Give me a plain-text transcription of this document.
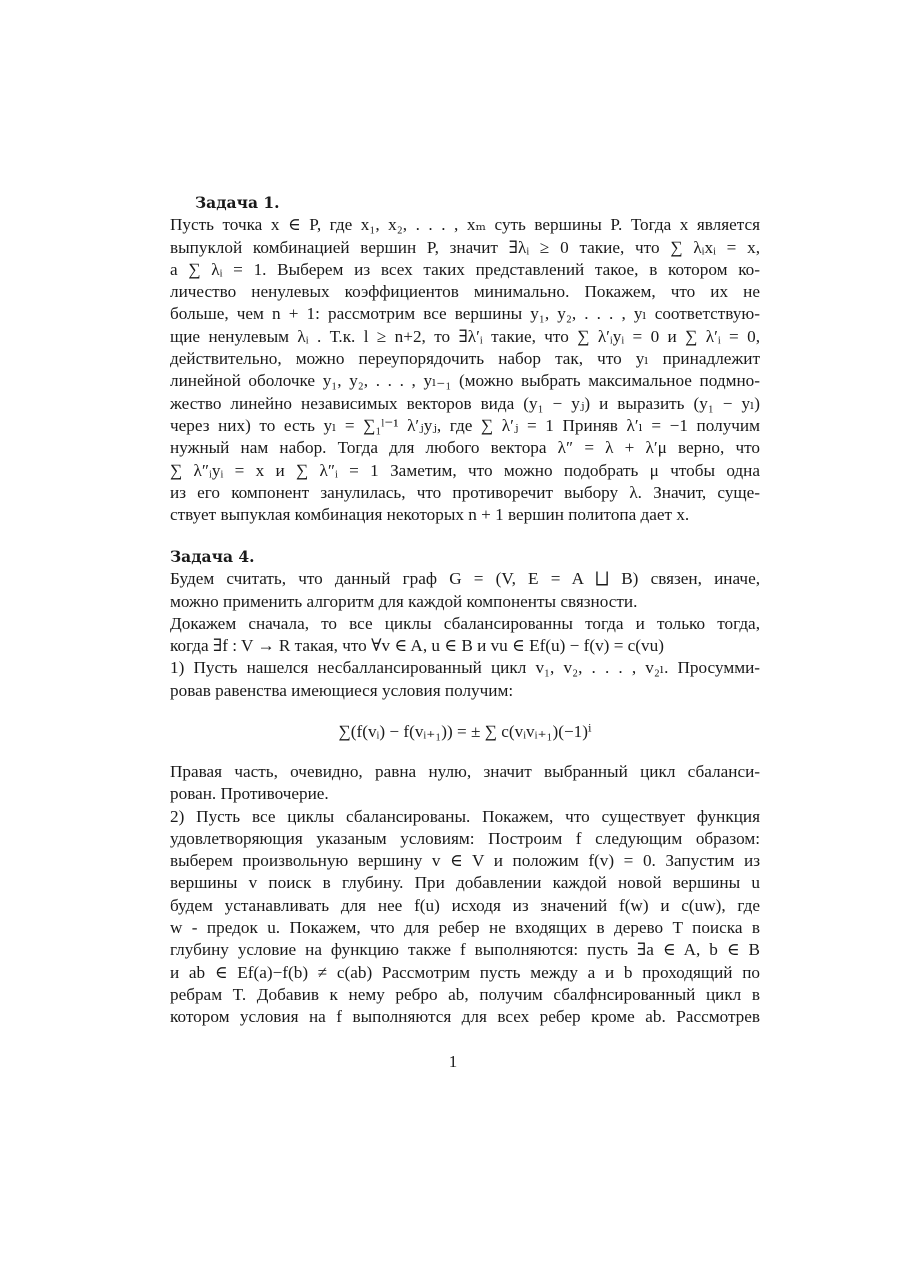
Задача 1.

Пусть точка x ∈ P, где x₁, x₂, . . . , xₘ суть вершины P. Тогда x является

выпуклой комбинацией вершин P, значит ∃λᵢ ≥ 0 такие, что ∑ λᵢxᵢ = x,

а ∑ λᵢ = 1. Выберем из всех таких представлений такое, в котором ко-

личество ненулевых коэффициентов минимально. Покажем, что их не

больше, чем n + 1: рассмотрим все вершины y₁, y₂, . . . , yₗ соответствую-

щие ненулевым λᵢ . Т.к. l ≥ n+2, то ∃λ′ᵢ такие, что ∑ λ′ᵢyᵢ = 0 и ∑ λ′ᵢ = 0,

действительно, можно переупорядочить набор так, что yₗ принадлежит

линейной оболочке y₁, y₂, . . . , yₗ₋₁ (можно выбрать максимальное подмно-

жество линейно независимых векторов вида (y₁ − yⱼ) и выразить (y₁ − yₗ)

через них) то есть yₗ = ∑₁ˡ⁻¹ λ′ⱼyⱼ, где ∑ λ′ⱼ = 1 Приняв λ′ₗ = −1 получим

нужный нам набор. Тогда для любого вектора λ″ = λ + λ′μ верно, что

∑ λ″ᵢyᵢ = x и ∑ λ″ᵢ = 1 Заметим, что можно подобрать μ чтобы одна

из его компонент занулилась, что противоречит выбору λ. Значит, суще-

ствует выпуклая комбинация некоторых n + 1 вершин политопа дает x.

Задача 4.

Будем считать, что данный граф G = (V, E = A ⨆ B) связен, иначе,

можно применить алгоритм для каждой компоненты связности.

Докажем сначала, то все циклы сбалансированны тогда и только тогда,

когда ∃f : V → R такая, что ∀v ∈ A, u ∈ B и vu ∈ Ef(u) − f(v) = c(vu)

1) Пусть нашелся несбаллансированный цикл v₁, v₂, . . . , v₂ₗ. Просумми-

ровав равенства имеющиеся условия получим:

∑(f(vᵢ) − f(vᵢ₊₁)) = ± ∑ c(vᵢvᵢ₊₁)(−1)ⁱ

Правая часть, очевидно, равна нулю, значит выбранный цикл сбаланси-

рован. Противочерие.

2) Пусть все циклы сбалансированы. Покажем, что существует функция

удовлетворяющия указаным условиям: Построим f следующим образом:

выберем произвольную вершину v ∈ V и положим f(v) = 0. Запустим из

вершины v поиск в глубину. При добавлении каждой новой вершины u

будем устанавливать для нее f(u) исходя из значений f(w) и c(uw), где

w - предок u. Покажем, что для ребер не входящих в дерево T поиска в

глубину условие на функцию также f выполняются: пусть ∃a ∈ A, b ∈ B

и ab ∈ Ef(a)−f(b) ≠ c(ab) Рассмотрим пусть между a и b проходящий по

ребрам T. Добавив к нему ребро ab, получим сбалфнсированный цикл в

котором условия на f выполняются для всех ребер кроме ab. Рассмотрев

1
